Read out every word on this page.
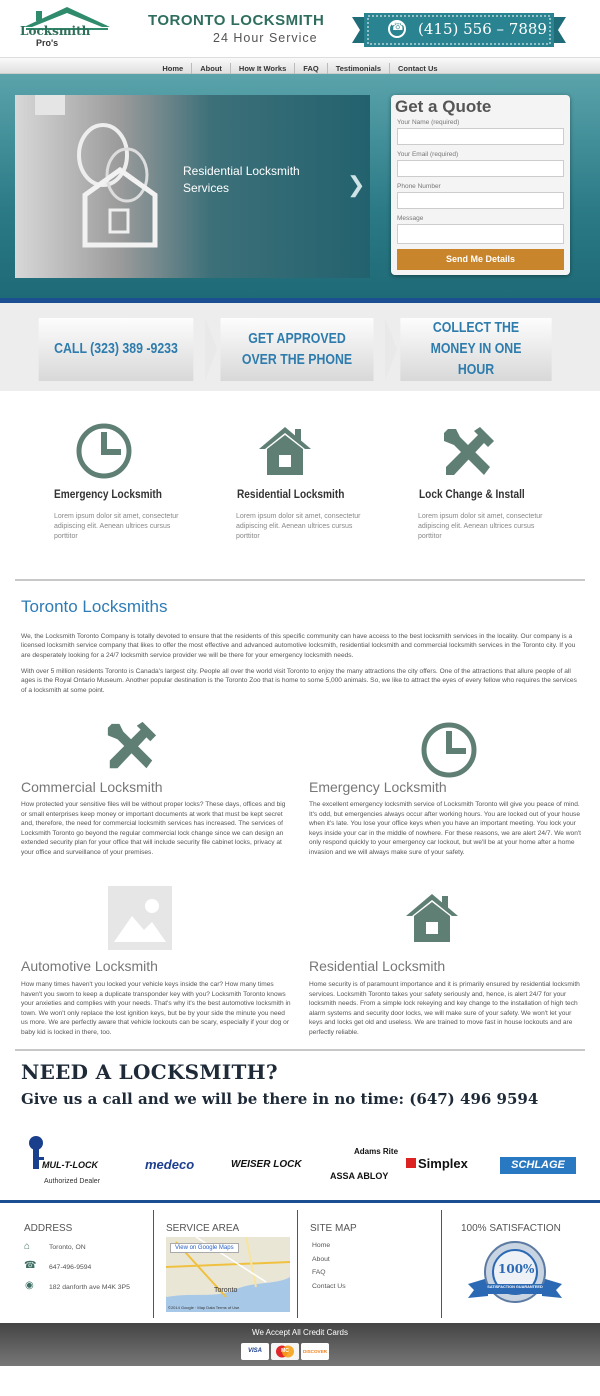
Locksmith
Pro's
TORONTO LOCKSMITH
24 Hour Service
☎	(415) 556 – 7889
Home	About	How It Works	FAQ	Testimonials	Contact Us
Residential Locksmith Services	❯
Get a Quote
Your Name (required)
Your Email (required)
Phone Number
Message
Send Me Details
CALL (323) 389 -9233
GET APPROVED OVER THE PHONE
COLLECT THE MONEY IN ONE HOUR
Emergency Locksmith
Lorem ipsum dolor sit amet, consectetur adipiscing elit. Aenean ultrices cursus porttitor
Residential Locksmith
Lorem ipsum dolor sit amet, consectetur adipiscing elit. Aenean ultrices cursus porttitor
Lock Change & Install
Lorem ipsum dolor sit amet, consectetur adipiscing elit. Aenean ultrices cursus porttitor
Toronto Locksmiths
We, the Locksmith Toronto Company is totally devoted to ensure that the residents of this specific community can have access to the best locksmith services in the locality. Our company is a licensed locksmith service company that likes to offer the most effective and advanced automotive locksmith, residential locksmith and commercial locksmith services in the Toronto city. If you are desperately looking for a 24/7 locksmith service provider we will be there for your emergency locksmith needs.
With over 5 million residents Toronto is Canada's largest city. People all over the world visit Toronto to enjoy the many attractions the city offers. One of the attractions that allure people of all ages is the Royal Ontario Museum. Another popular destination is the Toronto Zoo that is home to some 5,000 animals. So, we like to attract the eyes of every fellow who requires the services of a locksmith at some point.
Commercial Locksmith
How protected your sensitive files will be without proper locks? These days, offices and big or small enterprises keep money or important documents at work that must be kept secret and, therefore, the need for commercial locksmith services has increased. The services of Locksmith Toronto go beyond the regular commercial lock change since we can design an extended security plan for your office that will include security file cabinet locks, privacy at your office and surveillance of your premises.
Emergency Locksmith
The excellent emergency locksmith service of Locksmith Toronto will give you peace of mind. It's odd, but emergencies always occur after working hours. You are locked out of your house when it's late. You lose your office keys when you have an important meeting. You lock your keys inside your car in the middle of nowhere. For these reasons, we are alert 24/7. We won't only respond quickly to your emergency car lockout, but we'll be at your home after a home invasion and we will always make sure of your safety.
Automotive Locksmith
How many times haven't you locked your vehicle keys inside the car? How many times haven't you sworn to keep a duplicate transponder key with you? Locksmith Toronto knows your anxieties and complies with your needs. That's why it's the best automotive locksmith in town. We won't only replace the lost ignition keys, but be by your side the minute you need us more. We are perfectly aware that vehicle lockouts can be scary, especially if your dog or baby kid is locked in there, too.
Residential Locksmith
Home security is of paramount importance and it is primarily ensured by residential locksmith services. Locksmith Toronto takes your safety seriously and, hence, is alert 24/7 for your locksmith needs. From a simple lock rekeying and key change to the installation of high tech alarm systems and security door locks, we will make sure of your safety. We won't let your keys and locks get old and useless. We are trained to move fast in house lockouts and are perfectly reliable.
NEED A LOCKSMITH?
Give us a call and we will be there in no time: (647) 496 9594
MUL-T-LOCK
Authorized Dealer
medeco	WEISER LOCK
Adams Rite
ASSA ABLOY
Simplex	SCHLAGE
ADDRESS
⌂	Toronto, ON
☎ 647-496-9594
◉ 182 danforth ave M4K 3P5
SERVICE AREA
Toronto
©2014 Google · Map Data Terms of Use
View on Google Maps
SITE MAP
Home
About
FAQ
Contact Us
100% SATISFACTION
100%
SATISFACTION GUARANTEED
We Accept All Credit Cards
VISA	MC	DISCOVER
